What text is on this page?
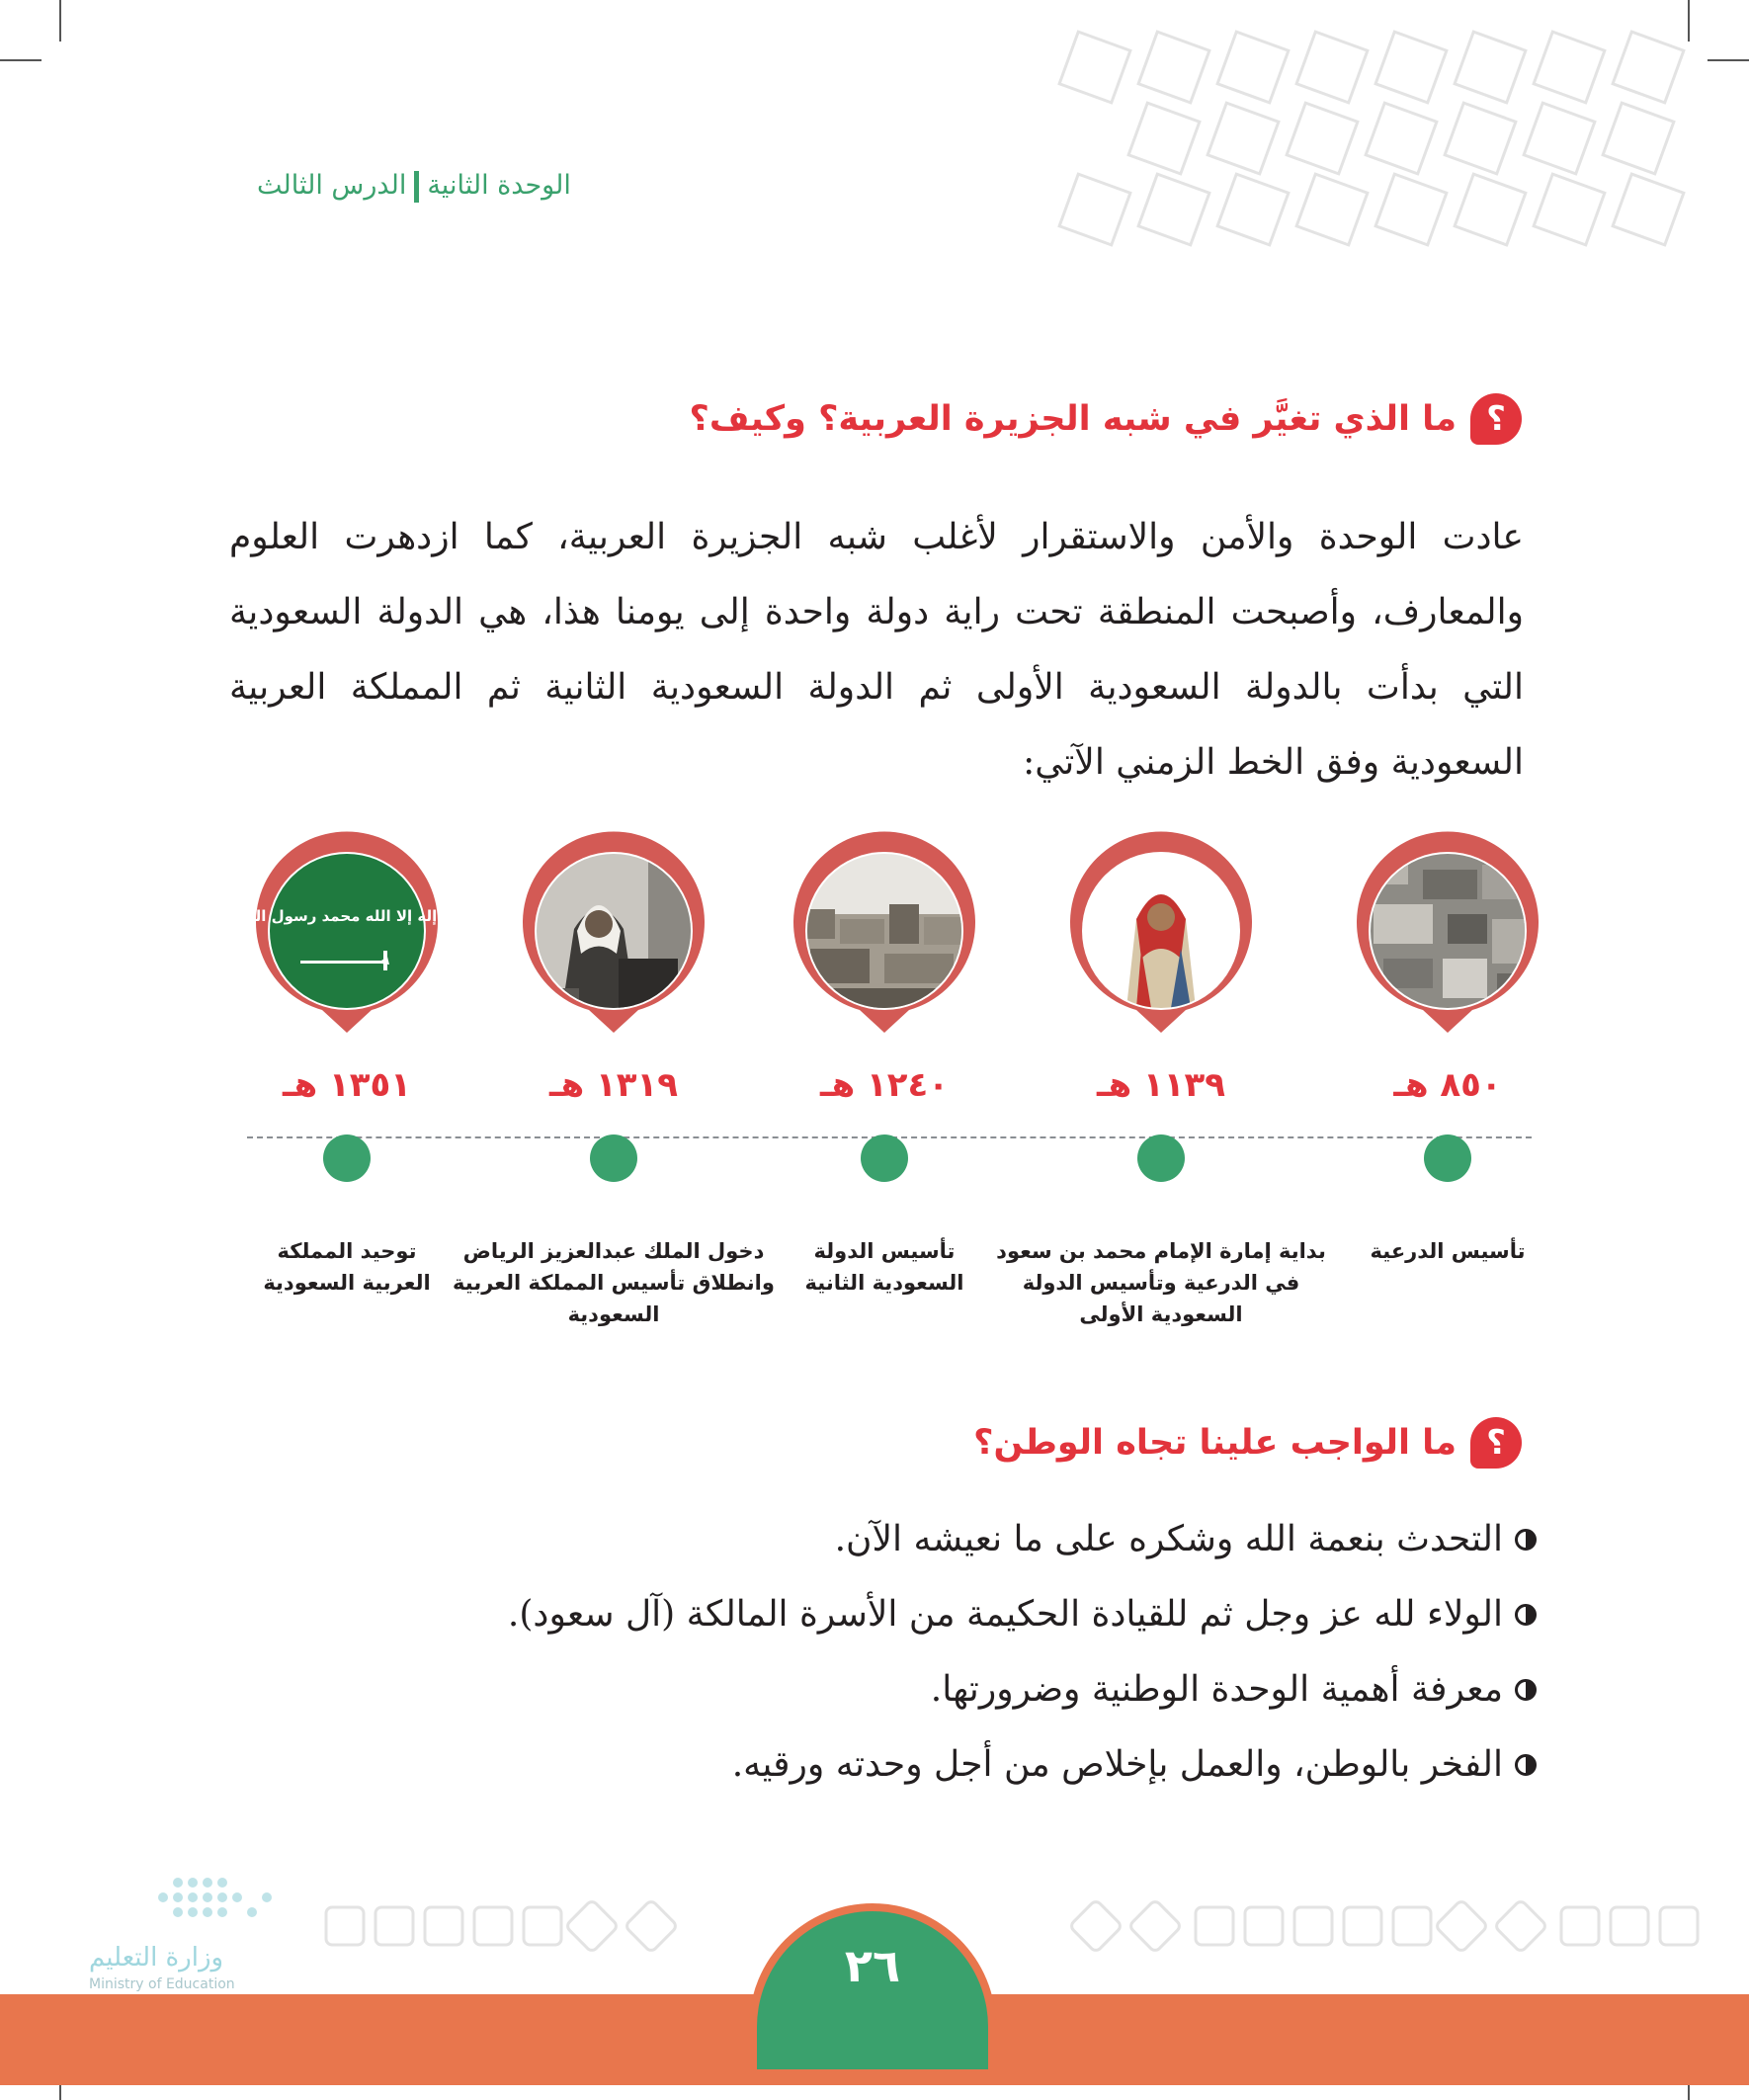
الوحدة الثانيةالدرس الثالث
؟
ما الذي تغيَّر في شبه الجزيرة العربية؟ وكيف؟

عادت الوحدة والأمن والاستقرار لأغلب شبه الجزيرة العربية، كما ازدهرت العلوم والمعارف، وأصبحت المنطقة تحت راية دولة واحدة إلى يومنا هذا، هي الدولة السعودية التي بدأت بالدولة السعودية الأولى ثم الدولة السعودية الثانية ثم المملكة العربية السعودية وفق الخط الزمني الآتي:

٨٥٠ هـ
تأسيس الدرعية
١١٣٩ هـ
بداية إمارة الإمام محمد بن سعود في الدرعية وتأسيس الدولة السعودية الأولى
١٢٤٠ هـ
تأسيس الدولة السعودية الثانية
١٣١٩ هـ
دخول الملك عبدالعزيز الرياض وانطلاق تأسيس المملكة العربية السعودية
لا إله إلا الله محمد رسول الله
١٣٥١ هـ
توحيد المملكة العربية السعودية
؟
ما الواجب علينا تجاه الوطن؟
التحدث بنعمة الله وشكره على ما نعيشه الآن.
الولاء لله عز وجل ثم للقيادة الحكيمة من الأسرة المالكة (آل سعود).
معرفة أهمية الوحدة الوطنية وضرورتها.
الفخر بالوطن، والعمل بإخلاص من أجل وحدته ورقيه.
٢٦
وزارة التعليم
Ministry of Education
